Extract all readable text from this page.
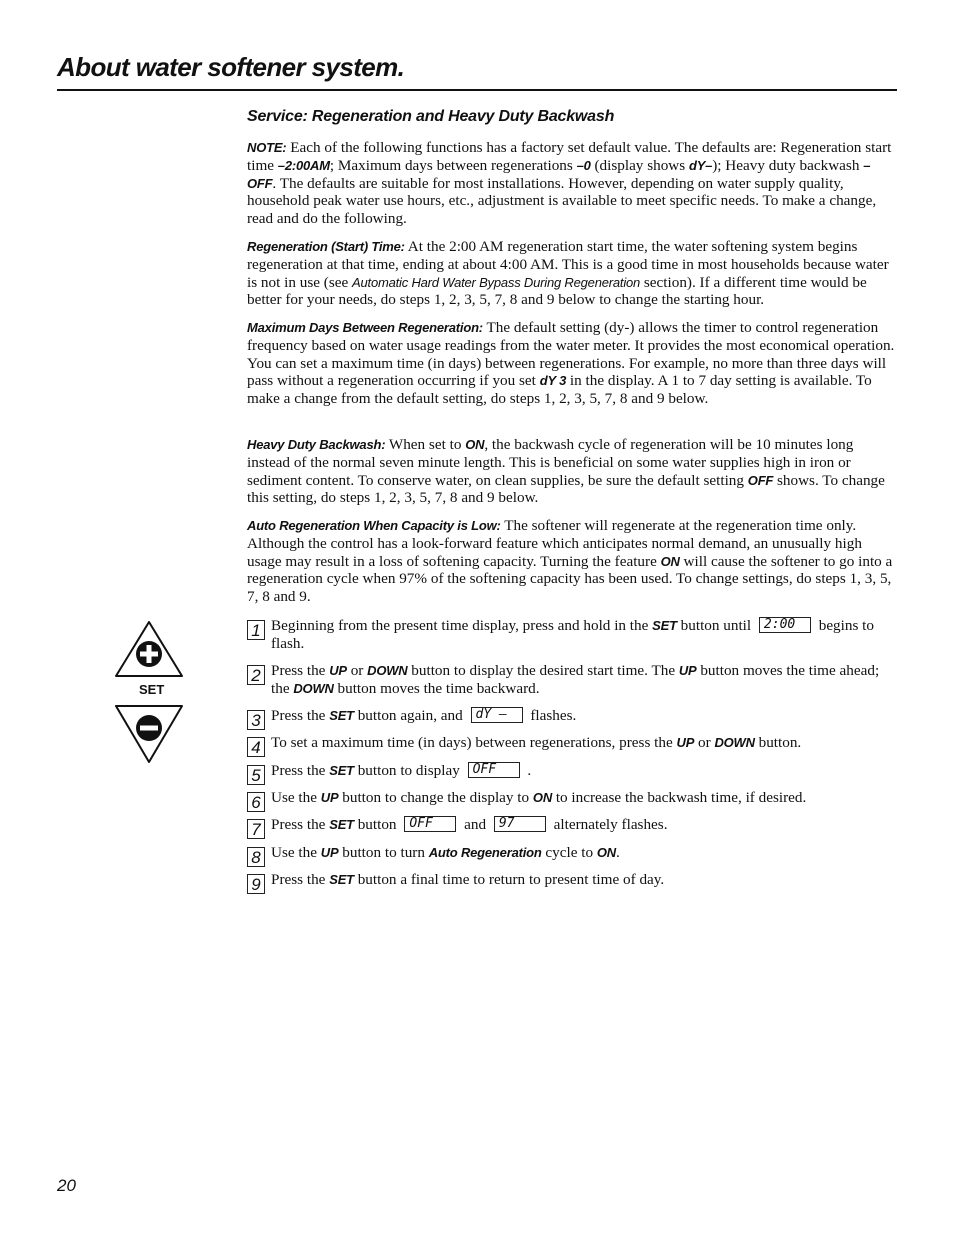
About water softener system.
Service: Regeneration and Heavy Duty Backwash

NOTE: Each of the following functions has a factory set default value. The defaults are: Regeneration start time –2:00AM; Maximum days between regenerations –0 (display shows dY–); Heavy duty backwash –OFF. The defaults are suitable for most installations. However, depending on water supply quality, household peak water use hours, etc., adjustment is available to meet specific needs. To make a change, read and do the following.

Regeneration (Start) Time: At the 2:00 AM regeneration start time, the water softening system begins regeneration at that time, ending at about 4:00 AM. This is a good time in most households because water is not in use (see Automatic Hard Water Bypass During Regeneration section). If a different time would be better for your needs, do steps 1, 2, 3, 5, 7, 8 and 9 below to change the starting hour.

Maximum Days Between Regeneration: The default setting (dy-) allows the timer to control regeneration frequency based on water usage readings from the water meter. It provides the most economical operation. You can set a maximum time (in days) between regenerations. For example, no more than three days will pass without a regeneration occurring if you set dY 3 in the display. A 1 to 7 day setting is available. To make a change from the default setting, do steps 1, 2, 3, 5, 7, 8 and 9 below.

Heavy Duty Backwash: When set to ON, the backwash cycle of regeneration will be 10 minutes long instead of the normal seven minute length. This is beneficial on some water supplies high in iron or sediment content. To conserve water, on clean supplies, be sure the default setting OFF shows. To change this setting, do steps 1, 2, 3, 5, 7, 8 and 9 below.

Auto Regeneration When Capacity is Low: The softener will regenerate at the regeneration time only. Although the control has a look-forward feature which anticipates normal demand, an unusually high usage may result in a loss of softening capacity. Turning the feature ON will cause the softener to go into a regeneration cycle when 97% of the softening capacity has been used. To change settings, do steps 1, 3, 5, 7, 8 and 9.

SET
1 Beginning from the present time display, press and hold in the SET button until 2:00 begins to flash.
2 Press the UP or DOWN button to display the desired start time. The UP button moves the time ahead; the DOWN button moves the time backward.
3 Press the SET button again, and dY – flashes.
4 To set a maximum time (in days) between regenerations, press the UP or DOWN button.
5 Press the SET button to display OFF .
6 Use the UP button to change the display to ON to increase the backwash time, if desired.
7 Press the SET button OFF and 97 alternately flashes.
8 Use the UP button to turn Auto Regeneration cycle to ON.
9 Press the SET button a final time to return to present time of day.
20
